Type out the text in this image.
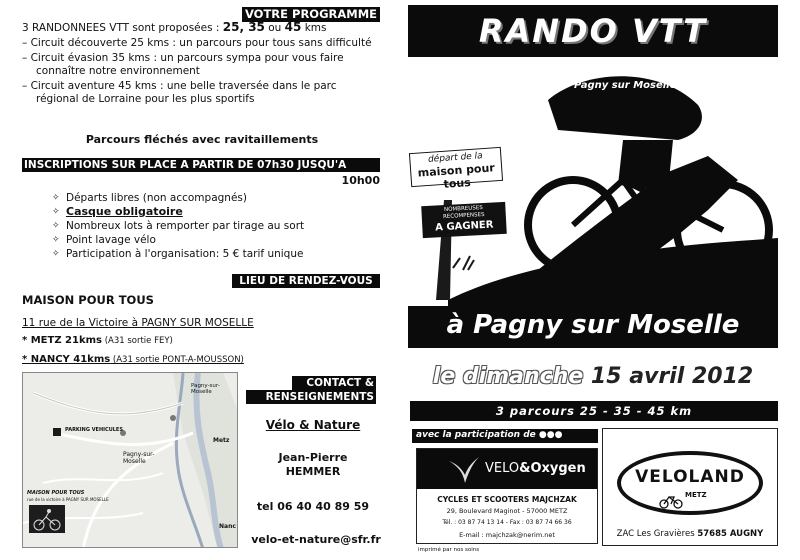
VOTRE PROGRAMME
3 RANDONNEES VTT sont proposées : 25, 35 ou 45 kms
– Circuit découverte 25 kms : un parcours pour tous sans difficulté
– Circuit évasion 35 kms : un parcours sympa pour vous faire connaître notre environnement
– Circuit aventure 45 kms : une belle traversée dans le parc régional de Lorraine pour les plus sportifs
Parcours fléchés avec ravitaillements
INSCRIPTIONS SUR PLACE A PARTIR DE 07h30 JUSQU'A
10h00
✧ Départs libres (non accompagnés)
✧ Casque obligatoire
✧ Nombreux lots à remporter par tirage au sort
✧ Point lavage vélo
✧ Participation à l'organisation: 5 € tarif unique
LIEU DE RENDEZ-VOUS
MAISON POUR TOUS
11 rue de la Victoire à PAGNY SUR MOSELLE
* METZ 21kms (A31 sortie FEY)
* NANCY 41kms (A31 sortie PONT-A-MOUSSON)
Pagny-sur-Moselle
PARKING VEHICULES
Pagny-sur-Moselle
Metz
Nanc
MAISON POUR TOUS
rue de la victoire à PAGNY SUR MOSELLE
CONTACT &
RENSEIGNEMENTS
Vélo & Nature
Jean-Pierre
HEMMER
tel 06 40 40 89 59
velo-et-nature@sfr.fr
RANDO VTT
Pagny sur Moselle
départ de la
maison pour tous
NOMBREUSES
RECOMPENSES
A GAGNER
à Pagny sur Moselle
le dimanche 15 avril 2012
3 parcours 25 - 35 - 45 km
avec la participation de ●●●
VELO&Oxygen
CYCLES ET SCOOTERS MAJCHZAK
29, Boulevard Maginot - 57000 METZ
Tél. : 03 87 74 13 14 - Fax : 03 87 74 66 36
E-mail : majchzak@nerim.net
imprimé par nos soins
VELOLAND
METZ
ZAC Les Gravières 57685 AUGNY
